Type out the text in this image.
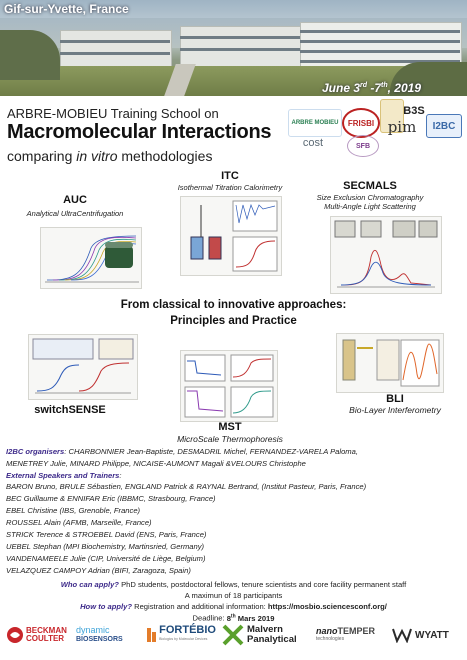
Gif-sur-Yvette, France
June 3rd -7th, 2019
ARBRE-MOBIEU Training School on
Macromolecular Interactions
comparing in vitro methodologies
ARBRE MOBIEU FRISBI
B3S
I2BC
cost	SFB
pim
AUC
Analytical UltraCentrifugation
ITC
Isothermal Titration Calorimetry	SECMALS
Size Exclusion Chromatography
Multi-Angle Light Scattering
From classical to innovative approaches:
Principles and Practice
switchSENSE
MST
MicroScale Thermophoresis
BLI
Bio-Layer Interferometry
I2BC organisers: CHARBONNIER Jean-Baptiste, DESMADRIL Michel, FERNANDEZ-VARELA Paloma,
MENETREY Julie, MINARD Philippe, NICAISE-AUMONT Magali &VELOURS Christophe
External Speakers and Trainers:
BARON Bruno, BRULE Sébastien, ENGLAND Patrick & RAYNAL Bertrand, (Institut Pasteur, Paris, France)
BEC Guillaume & ENNIFAR Eric (IBBMC, Strasbourg, France)
EBEL Christine (IBS, Grenoble, France)
ROUSSEL Alain (AFMB, Marseille, France)
STRICK Terence & STROEBEL David (ENS, Paris, France)
UEBEL Stephan (MPI Biochemistry, Martinsried, Germany)
VANDENAMEELE Julie (CIP, Université de Liège, Belgium)
VELAZQUEZ CAMPOY Adrian (BIFI, Zaragoza, Spain)
Who can apply? PhD students, postdoctoral fellows, tenure scientists and core facility permanent staff
A maximun of 18 participants
How to apply? Registration and additional information: https://mosbio.sciencesconf.org/
Deadline: 8th Mars 2019
BECKMAN
COULTER
dynamic
BIOSENSORS
FORTÉBIO
Biologics by Molecular Devices
Malvern
Panalytical
nanoTEMPER
technologies	WYATT
